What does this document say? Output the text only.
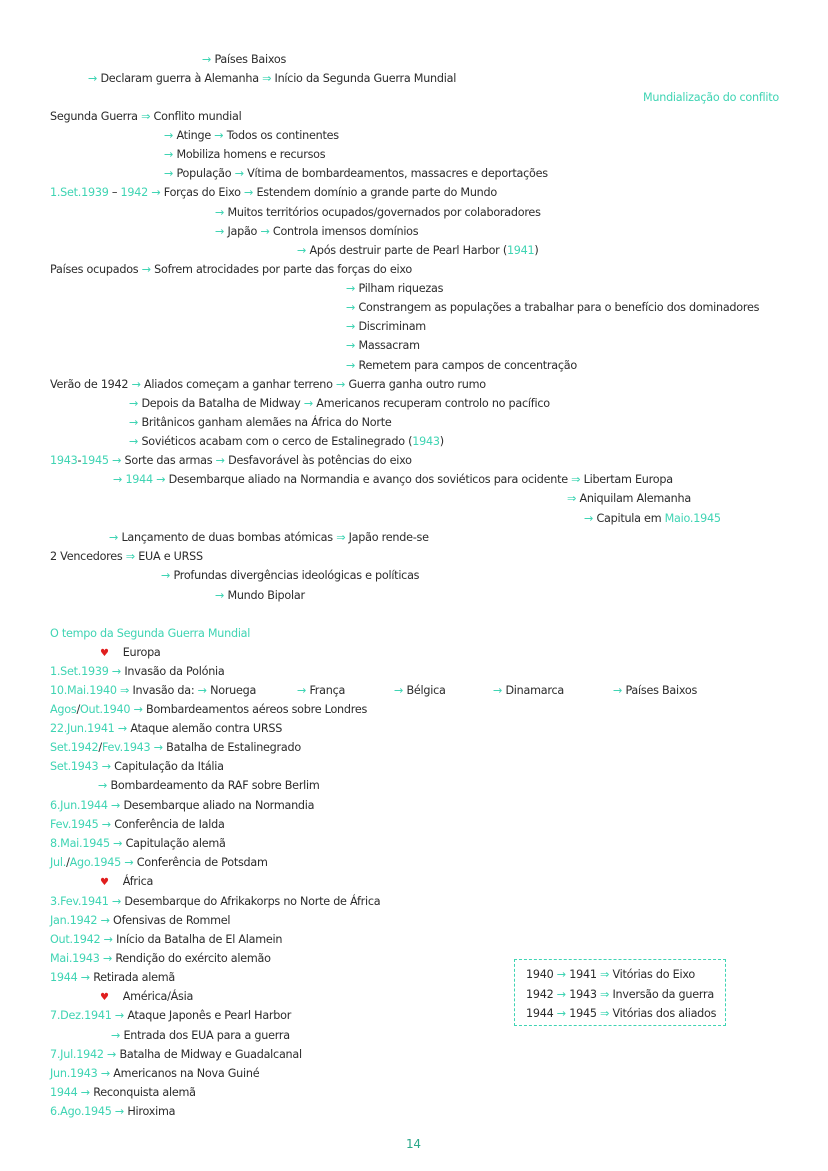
→ Países Baixos
→ Declaram guerra à Alemanha ⇒ Início da Segunda Guerra Mundial
Segunda Guerra ⇒ Conflito mundial
→ Atinge → Todos os continentes
→ Mobiliza homens e recursos
→ População → Vítima de bombardeamentos, massacres e deportações
1.Set.1939 – 1942 → Forças do Eixo → Estendem domínio a grande parte do Mundo
→ Muitos territórios ocupados/governados por colaboradores
→ Japão → Controla imensos domínios
→ Após destruir parte de Pearl Harbor (1941)
Países ocupados → Sofrem atrocidades por parte das forças do eixo
→ Pilham riquezas
→ Constrangem as populações a trabalhar para o benefício dos dominadores
→ Discriminam
→ Massacram
→ Remetem para campos de concentração
Verão de 1942 → Aliados começam a ganhar terreno → Guerra ganha outro rumo
→ Depois da Batalha de Midway → Americanos recuperam controlo no pacífico
→ Britânicos ganham alemães na África do Norte
→ Soviéticos acabam com o cerco de Estalinegrado (1943)
1943-1945 → Sorte das armas → Desfavorável às potências do eixo
→ 1944 → Desembarque aliado na Normandia e avanço dos soviéticos para ocidente ⇒ Libertam Europa
⇒ Aniquilam Alemanha
→ Capitula em Maio.1945
→ Lançamento de duas bombas atómicas ⇒ Japão rende-se
2 Vencedores ⇒ EUA e URSS
→ Profundas divergências ideológicas e políticas
→ Mundo Bipolar
Mundialização do conflito
O tempo da Segunda Guerra Mundial
♥ Europa
1.Set.1939 → Invasão da Polónia
10.Mai.1940 ⇒ Invasão da: → Noruega	→ França	→ Bélgica	→ Dinamarca	→ Países Baixos
Agos/Out.1940 → Bombardeamentos aéreos sobre Londres
22.Jun.1941 → Ataque alemão contra URSS
Set.1942/Fev.1943 → Batalha de Estalinegrado
Set.1943 → Capitulação da Itália
→ Bombardeamento da RAF sobre Berlim
6.Jun.1944 → Desembarque aliado na Normandia
Fev.1945 → Conferência de Ialda
8.Mai.1945 → Capitulação alemã
Jul./Ago.1945 → Conferência de Potsdam
♥ África
3.Fev.1941 → Desembarque do Afrikakorps no Norte de África
Jan.1942 → Ofensivas de Rommel
Out.1942 → Início da Batalha de El Alamein
Mai.1943 → Rendição do exército alemão
1944 → Retirada alemã
♥ América/Ásia
7.Dez.1941 → Ataque Japonês e Pearl Harbor
→ Entrada dos EUA para a guerra
7.Jul.1942 → Batalha de Midway e Guadalcanal
Jun.1943 → Americanos na Nova Guiné
1944 → Reconquista alemã
6.Ago.1945 → Hiroxima
1940 → 1941 ⇒ Vitórias do Eixo
1942 → 1943 ⇒ Inversão da guerra
1944 → 1945 ⇒ Vitórias dos aliados
14
